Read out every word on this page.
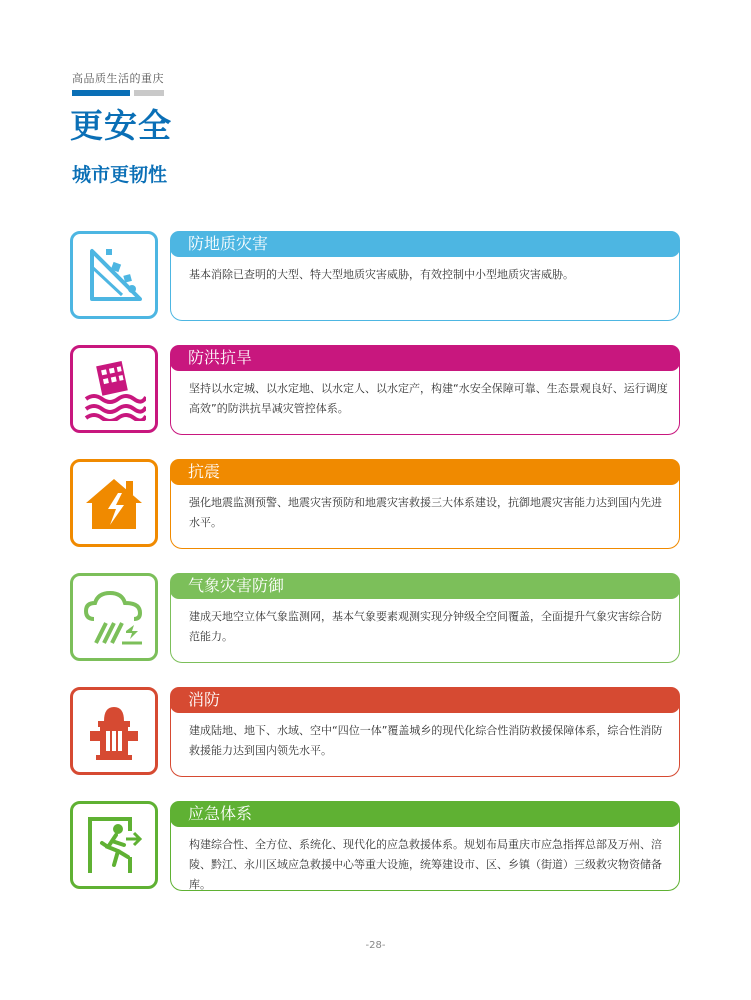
高品质生活的重庆
更安全
城市更韧性

基本消除已查明的大型、特大型地质灾害威胁，有效控制中小型地质灾害威胁。

防地质灾害

坚持以水定城、以水定地、以水定人、以水定产，构建“水安全保障可靠、生态景观良好、运行调度高效”的防洪抗旱减灾管控体系。

防洪抗旱

强化地震监测预警、地震灾害预防和地震灾害救援三大体系建设，抗御地震灾害能力达到国内先进水平。

抗震

建成天地空立体气象监测网，基本气象要素观测实现分钟级全空间覆盖，全面提升气象灾害综合防范能力。

气象灾害防御

建成陆地、地下、水域、空中“四位一体”覆盖城乡的现代化综合性消防救援保障体系，综合性消防救援能力达到国内领先水平。

消防

构建综合性、全方位、系统化、现代化的应急救援体系。规划布局重庆市应急指挥总部及万州、涪陵、黔江、永川区域应急救援中心等重大设施，统筹建设市、区、乡镇（街道）三级救灾物资储备库。

应急体系
-28-
